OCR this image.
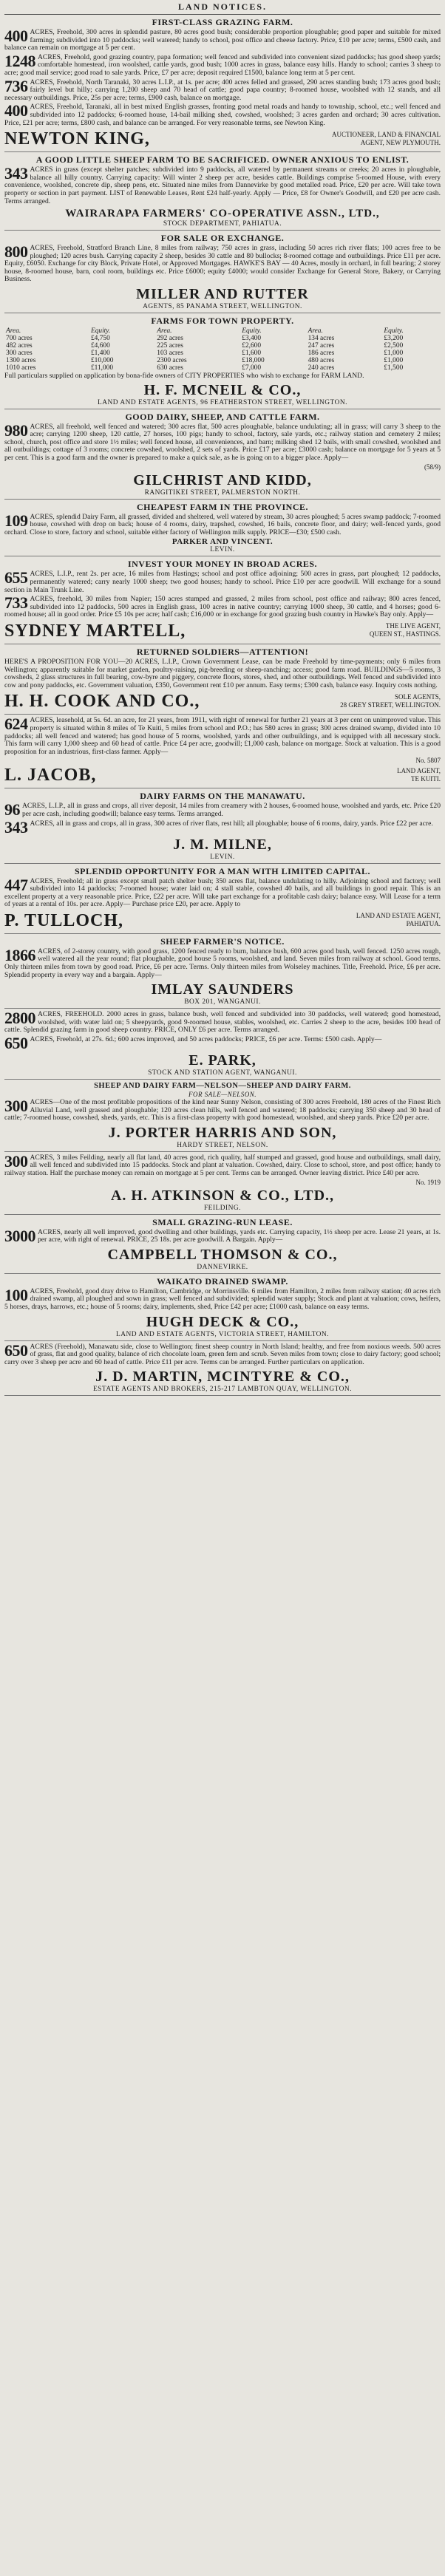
LAND NOTICES.
FIRST-CLASS GRAZING FARM.
400 ACRES, Freehold, 300 acres in splendid pasture, 80 acres good bush; considerable proportion ploughable; good paper and suitable for mixed farming; subdivided into 10 paddocks; well watered; handy to school, post office and cheese factory. Price, £10 per acre; terms, £500 cash, and balance can remain on mortgage at 5 per cent.
1248 ACRES, Freehold, good grazing country, papa formation; well fenced and subdivided into convenient sized paddocks; has good sheep yards; comfortable homestead, iron woolshed, cattle yards, good bush; 1000 acres in grass, balance easy hills. Handy to school; carries 3 sheep to acre; good mail service; good road to sale yards. Price, £7 per acre; deposit required £1500, balance long term at 5 per cent.
736 ACRES, Freehold, North Taranaki, 30 acres L.I.P., at 1s. per acre; 400 acres felled and grassed, 290 acres standing bush; 173 acres good bush; fairly level but hilly; carrying 1,200 sheep and 70 head of cattle; good papa country; 8-roomed house, woolshed with 12 stands, and all necessary outbuildings. Price, 25s per acre; terms, £900 cash, balance on mortgage.
400 ACRES, Freehold, Taranaki, all in best mixed English grasses, fronting good metal roads and handy to township, school, etc.; well fenced and subdivided into 12 paddocks; 6-roomed house, 14-bail milking shed, cowshed, woolshed; 3 acres garden and orchard; 30 acres cultivation. Price, £21 per acre; terms, £800 cash, and balance can be arranged. For very reasonable terms, see Newton King.
NEWTON KING,	AUCTIONEER, LAND & FINANCIAL
AGENT, NEW PLYMOUTH.
A GOOD LITTLE SHEEP FARM TO BE SACRIFICED. OWNER ANXIOUS TO ENLIST.
343 ACRES in grass (except shelter patches; subdivided into 9 paddocks, all watered by permanent streams or creeks; 20 acres in ploughable, balance all hilly country. Carrying capacity: Will winter 2 sheep per acre, besides cattle. Buildings comprise 5-roomed House, with every convenience, woolshed, concrete dip, sheep pens, etc. Situated nine miles from Dannevirke by good metalled road. Price, £20 per acre. Will take town property or section in part payment. LIST of Renewable Leases, Rent £24 half-yearly. Apply — Price, £8 for Owner's Goodwill, and £20 per acre cash. Terms arranged.
WAIRARAPA FARMERS' CO-OPERATIVE ASSN., LTD.,
STOCK DEPARTMENT, PAHIATUA.
FOR SALE OR EXCHANGE.
800 ACRES, Freehold, Stratford Branch Line, 8 miles from railway; 750 acres in grass, including 50 acres rich river flats; 100 acres free to be ploughed; 120 acres bush. Carrying capacity 2 sheep, besides 30 cattle and 80 bullocks; 8-roomed cottage and outbuildings. Price £11 per acre. Equity, £6050. Exchange for city Block, Private Hotel, or Approved Mortgages. HAWKE'S BAY — 40 Acres, mostly in orchard, in full bearing; 2 storey house, 8-roomed house, barn, cool room, buildings etc. Price £6000; equity £4000; would consider Exchange for General Store, Bakery, or Carrying Business.
MILLER AND RUTTER
AGENTS, 85 PANAMA STREET, WELLINGTON.
FARMS FOR TOWN PROPERTY.
Area.	Equity.	Area.	Equity.	Area.	Equity.
700 acres	£4,750	292 acres	£3,400	134 acres	£3,200
482 acres	£4,600	225 acres	£2,600	247 acres	£2,500
300 acres	£1,400	103 acres	£1,600	186 acres	£1,000
1300 acres	£10,000	2300 acres	£18,000	480 acres	£1,000
1010 acres	£11,000	630 acres	£7,000	240 acres	£1,500
Full particulars supplied on application by bona-fide owners of CITY PROPERTIES who wish to exchange for FARM LAND.
H. F. MCNEIL & CO.,
LAND AND ESTATE AGENTS, 96 FEATHERSTON STREET, WELLINGTON.
GOOD DAIRY, SHEEP, AND CATTLE FARM.
980 ACRES, all freehold, well fenced and watered; 300 acres flat, 500 acres ploughable, balance undulating; all in grass; will carry 3 sheep to the acre; carrying 1200 sheep, 120 cattle, 27 horses, 100 pigs; handy to school, factory, sale yards, etc.; railway station and cemetery 2 miles; school, church, post office and store 1½ miles; well fenced house, all conveniences, and barn; milking shed 12 bails, with small cowshed, woolshed and all outbuildings; cottage of 3 rooms; concrete cowshed, woolshed, 2 sets of yards. Price £17 per acre; £3000 cash; balance on mortgage for 5 years at 5 per cent. This is a good farm and the owner is prepared to make a quick sale, as he is going on to a bigger place. Apply—
(58/9)
GILCHRIST AND KIDD,
RANGITIKEI STREET, PALMERSTON NORTH.
CHEAPEST FARM IN THE PROVINCE.
109 ACRES, splendid Dairy Farm, all grassed, divided and sheltered, well watered by stream, 30 acres ploughed; 5 acres swamp paddock; 7-roomed house, cowshed with drop on back; house of 4 rooms, dairy, trapshed, cowshed, 16 bails, concrete floor, and dairy; well-fenced yards, good orchard. Close to store, factory and school, suitable either factory of Wellington milk supply. PRICE—£30; £500 cash.
PARKER AND VINCENT.
LEVIN.
INVEST YOUR MONEY IN BROAD ACRES.
655 ACRES, L.I.P., rent 2s. per acre, 16 miles from Hastings; school and post office adjoining; 500 acres in grass, part ploughed; 12 paddocks, permanently watered; carry nearly 1000 sheep; two good houses; handy to school. Price £10 per acre goodwill. Will exchange for a sound section in Main Trunk Line.
733 ACRES, freehold, 30 miles from Napier; 150 acres stumped and grassed, 2 miles from school, post office and railway; 800 acres fenced, subdivided into 12 paddocks, 500 acres in English grass, 100 acres in native country; carrying 1000 sheep, 30 cattle, and 4 horses; good 6-roomed house; all in good order. Price £5 10s per acre; half cash; £16,000 or in exchange for good grazing bush country in Hawke's Bay only. Apply—
SYDNEY MARTELL,	THE LIVE AGENT,
QUEEN ST., HASTINGS.
RETURNED SOLDIERS—ATTENTION!
HERE'S A PROPOSITION FOR YOU—20 ACRES, L.I.P., Crown Government Lease, can be made Freehold by time-payments; only 6 miles from Wellington; apparently suitable for market garden, poultry-raising, pig-breeding or sheep-ranching; access; good farm road. BUILDINGS—5 rooms, 3 cowsheds, 2 glass structures in full bearing, cow-byre and piggery, concrete floors, stores, shed, and other outbuildings. Well fenced and subdivided into cow and pony paddocks, etc. Government valuation, £350, Government rent £10 per annum. Easy terms; £300 cash, balance easy. Inquiry costs nothing.
H. H. COOK AND CO.,	SOLE AGENTS,
28 GREY STREET, WELLINGTON.
624 ACRES, leasehold, at 5s. 6d. an acre, for 21 years, from 1911, with right of renewal for further 21 years at 3 per cent on unimproved value. This property is situated within 8 miles of Te Kuiti, 5 miles from school and P.O.; has 580 acres in grass; 300 acres drained swamp, divided into 10 paddocks; all well fenced and watered; has good house of 5 rooms, woolshed, yards and other outbuildings, and is equipped with all necessary stock. This farm will carry 1,000 sheep and 60 head of cattle. Price £4 per acre, goodwill; £1,000 cash, balance on mortgage. Stock at valuation. This is a good proposition for an industrious, first-class farmer. Apply—
No. 5807
L. JACOB,	LAND AGENT,
TE KUITI.
DAIRY FARMS ON THE MANAWATU.
96 ACRES, L.I.P., all in grass and crops, all river deposit, 14 miles from creamery with 2 houses, 6-roomed house, woolshed and yards, etc. Price £20 per acre cash, including goodwill; balance easy terms. Terms arranged.
343 ACRES, all in grass and crops, all in grass, 300 acres of river flats, rest hill; all ploughable; house of 6 rooms, dairy, yards. Price £22 per acre.
J. M. MILNE,
LEVIN.
SPLENDID OPPORTUNITY FOR A MAN WITH LIMITED CAPITAL.
447 ACRES, Freehold; all in grass except small patch shelter bush; 350 acres flat, balance undulating to hilly. Adjoining school and factory; well subdivided into 14 paddocks; 7-roomed house; water laid on; 4 stall stable, cowshed 40 bails, and all buildings in good repair. This is an excellent property at a very reasonable price. Price, £22 per acre. Will take part exchange for a profitable cash dairy; balance easy. Will Lease for a term of years at a rental of 10s. per acre. Apply— Purchase price £20, per acre. Apply to
P. TULLOCH,	LAND AND ESTATE AGENT,
PAHIATUA.
SHEEP FARMER'S NOTICE.
1866 ACRES, of 2-storey country, with good grass, 1200 fenced ready to burn, balance bush, 600 acres good bush, well fenced. 1250 acres rough, well watered all the year round; flat ploughable, good house 5 rooms, woolshed, and land. Seven miles from railway at school. Good terms. Only thirteen miles from town by good road. Price, £6 per acre. Terms. Only thirteen miles from Wolseley machines. Title, Freehold. Price, £6 per acre. Splendid property in every way and a bargain. Apply—
IMLAY SAUNDERS
BOX 201, WANGANUI.
2800 ACRES, FREEHOLD. 2000 acres in grass, balance bush, well fenced and subdivided into 30 paddocks, well watered; good homestead, woolshed, with water laid on; 5 sheepyards, good 9-roomed house, stables, woolshed, etc. Carries 2 sheep to the acre, besides 100 head of cattle. Splendid grazing farm in good sheep country. PRICE, ONLY £6 per acre. Terms arranged.
650 ACRES, Freehold, at 27s. 6d.; 600 acres improved, and 50 acres paddocks; PRICE, £6 per acre. Terms: £500 cash. Apply—
E. PARK,
STOCK AND STATION AGENT, WANGANUI.
SHEEP AND DAIRY FARM—NELSON—SHEEP AND DAIRY FARM.
FOR SALE—NELSON.
300 ACRES—One of the most profitable propositions of the kind near Sunny Nelson, consisting of 300 acres Freehold, 180 acres of the Finest Rich Alluvial Land, well grassed and ploughable; 120 acres clean hills, well fenced and watered; 18 paddocks; carrying 350 sheep and 30 head of cattle; 7-roomed house, cowshed, sheds, yards, etc. This is a first-class property with good homestead, woolshed, and sheep yards. Price £20 per acre.
J. PORTER HARRIS AND SON,
HARDY STREET, NELSON.
300 ACRES, 3 miles Feilding, nearly all flat land, 40 acres good, rich quality, half stumped and grassed, good house and outbuildings, small dairy, all well fenced and subdivided into 15 paddocks. Stock and plant at valuation. Cowshed, dairy. Close to school, store, and post office; handy to railway station. Half the purchase money can remain on mortgage at 5 per cent. Terms can be arranged. Owner leaving district. Price £40 per acre.
No. 1919
A. H. ATKINSON & CO., LTD.,
FEILDING.
SMALL GRAZING-RUN LEASE.
3000 ACRES, nearly all well improved, good dwelling and other buildings, yards etc. Carrying capacity, 1½ sheep per acre. Lease 21 years, at 1s. per acre, with right of renewal. PRICE, 25 18s. per acre goodwill. A Bargain. Apply—
CAMPBELL THOMSON & CO.,
DANNEVIRKE.
WAIKATO DRAINED SWAMP.
100 ACRES, Freehold, good dray drive to Hamilton, Cambridge, or Morrinsville. 6 miles from Hamilton, 2 miles from railway station; 40 acres rich drained swamp, all ploughed and sown in grass; well fenced and subdivided; splendid water supply; Stock and plant at valuation; cows, heifers, 5 horses, drays, harrows, etc.; house of 5 rooms; dairy, implements, shed, Price £42 per acre; £1000 cash, balance on easy terms.
HUGH DECK & CO.,
LAND AND ESTATE AGENTS, VICTORIA STREET, HAMILTON.
650 ACRES (Freehold), Manawatu side, close to Wellington; finest sheep country in North Island; healthy, and free from noxious weeds. 500 acres of grass, flat and good quality, balance of rich chocolate loam, green fern and scrub. Seven miles from town; close to dairy factory; good school; carry over 3 sheep per acre and 60 head of cattle. Price £11 per acre. Terms can be arranged. Further particulars on application.
J. D. MARTIN, MCINTYRE & CO.,
ESTATE AGENTS AND BROKERS, 215-217 LAMBTON QUAY, WELLINGTON.
